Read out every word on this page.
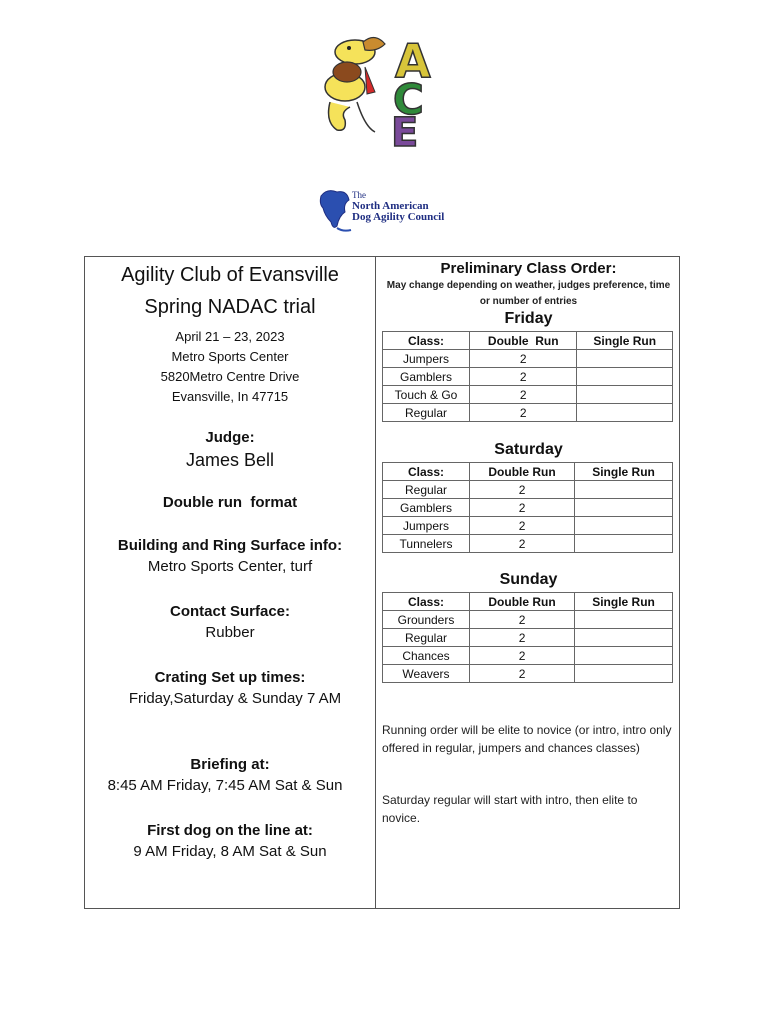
A
C
E
The
North American
Dog Agility Council
Agility Club of Evansville
Spring NADAC trial
April 21 – 23, 2023
Metro Sports Center
5820Metro Centre Drive
Evansville, In 47715
Judge:
James Bell
Double run  format
Building and Ring Surface info:
Metro Sports Center, turf
Contact Surface:
Rubber
Crating Set up times:
Friday,Saturday & Sunday 7 AM
Briefing at:
8:45 AM Friday, 7:45 AM Sat & Sun
First dog on the line at:
9 AM Friday, 8 AM Sat & Sun
Preliminary Class Order:
May change depending on weather, judges preference, time
or number of entries
Friday
Class:	Double  Run	Single Run
Jumpers	2	
Gamblers	2	
Touch & Go	2	
Regular	2	
Saturday
Class:	Double Run	Single Run
Regular	2	
Gamblers	2	
Jumpers	2	
Tunnelers	2	
Sunday
Class:	Double Run	Single Run
Grounders	2	
Regular	2	
Chances	2	
Weavers	2	
Running order will be elite to novice (or intro, intro only offered in regular, jumpers and chances classes)
Saturday regular will start with intro, then elite to novice.
